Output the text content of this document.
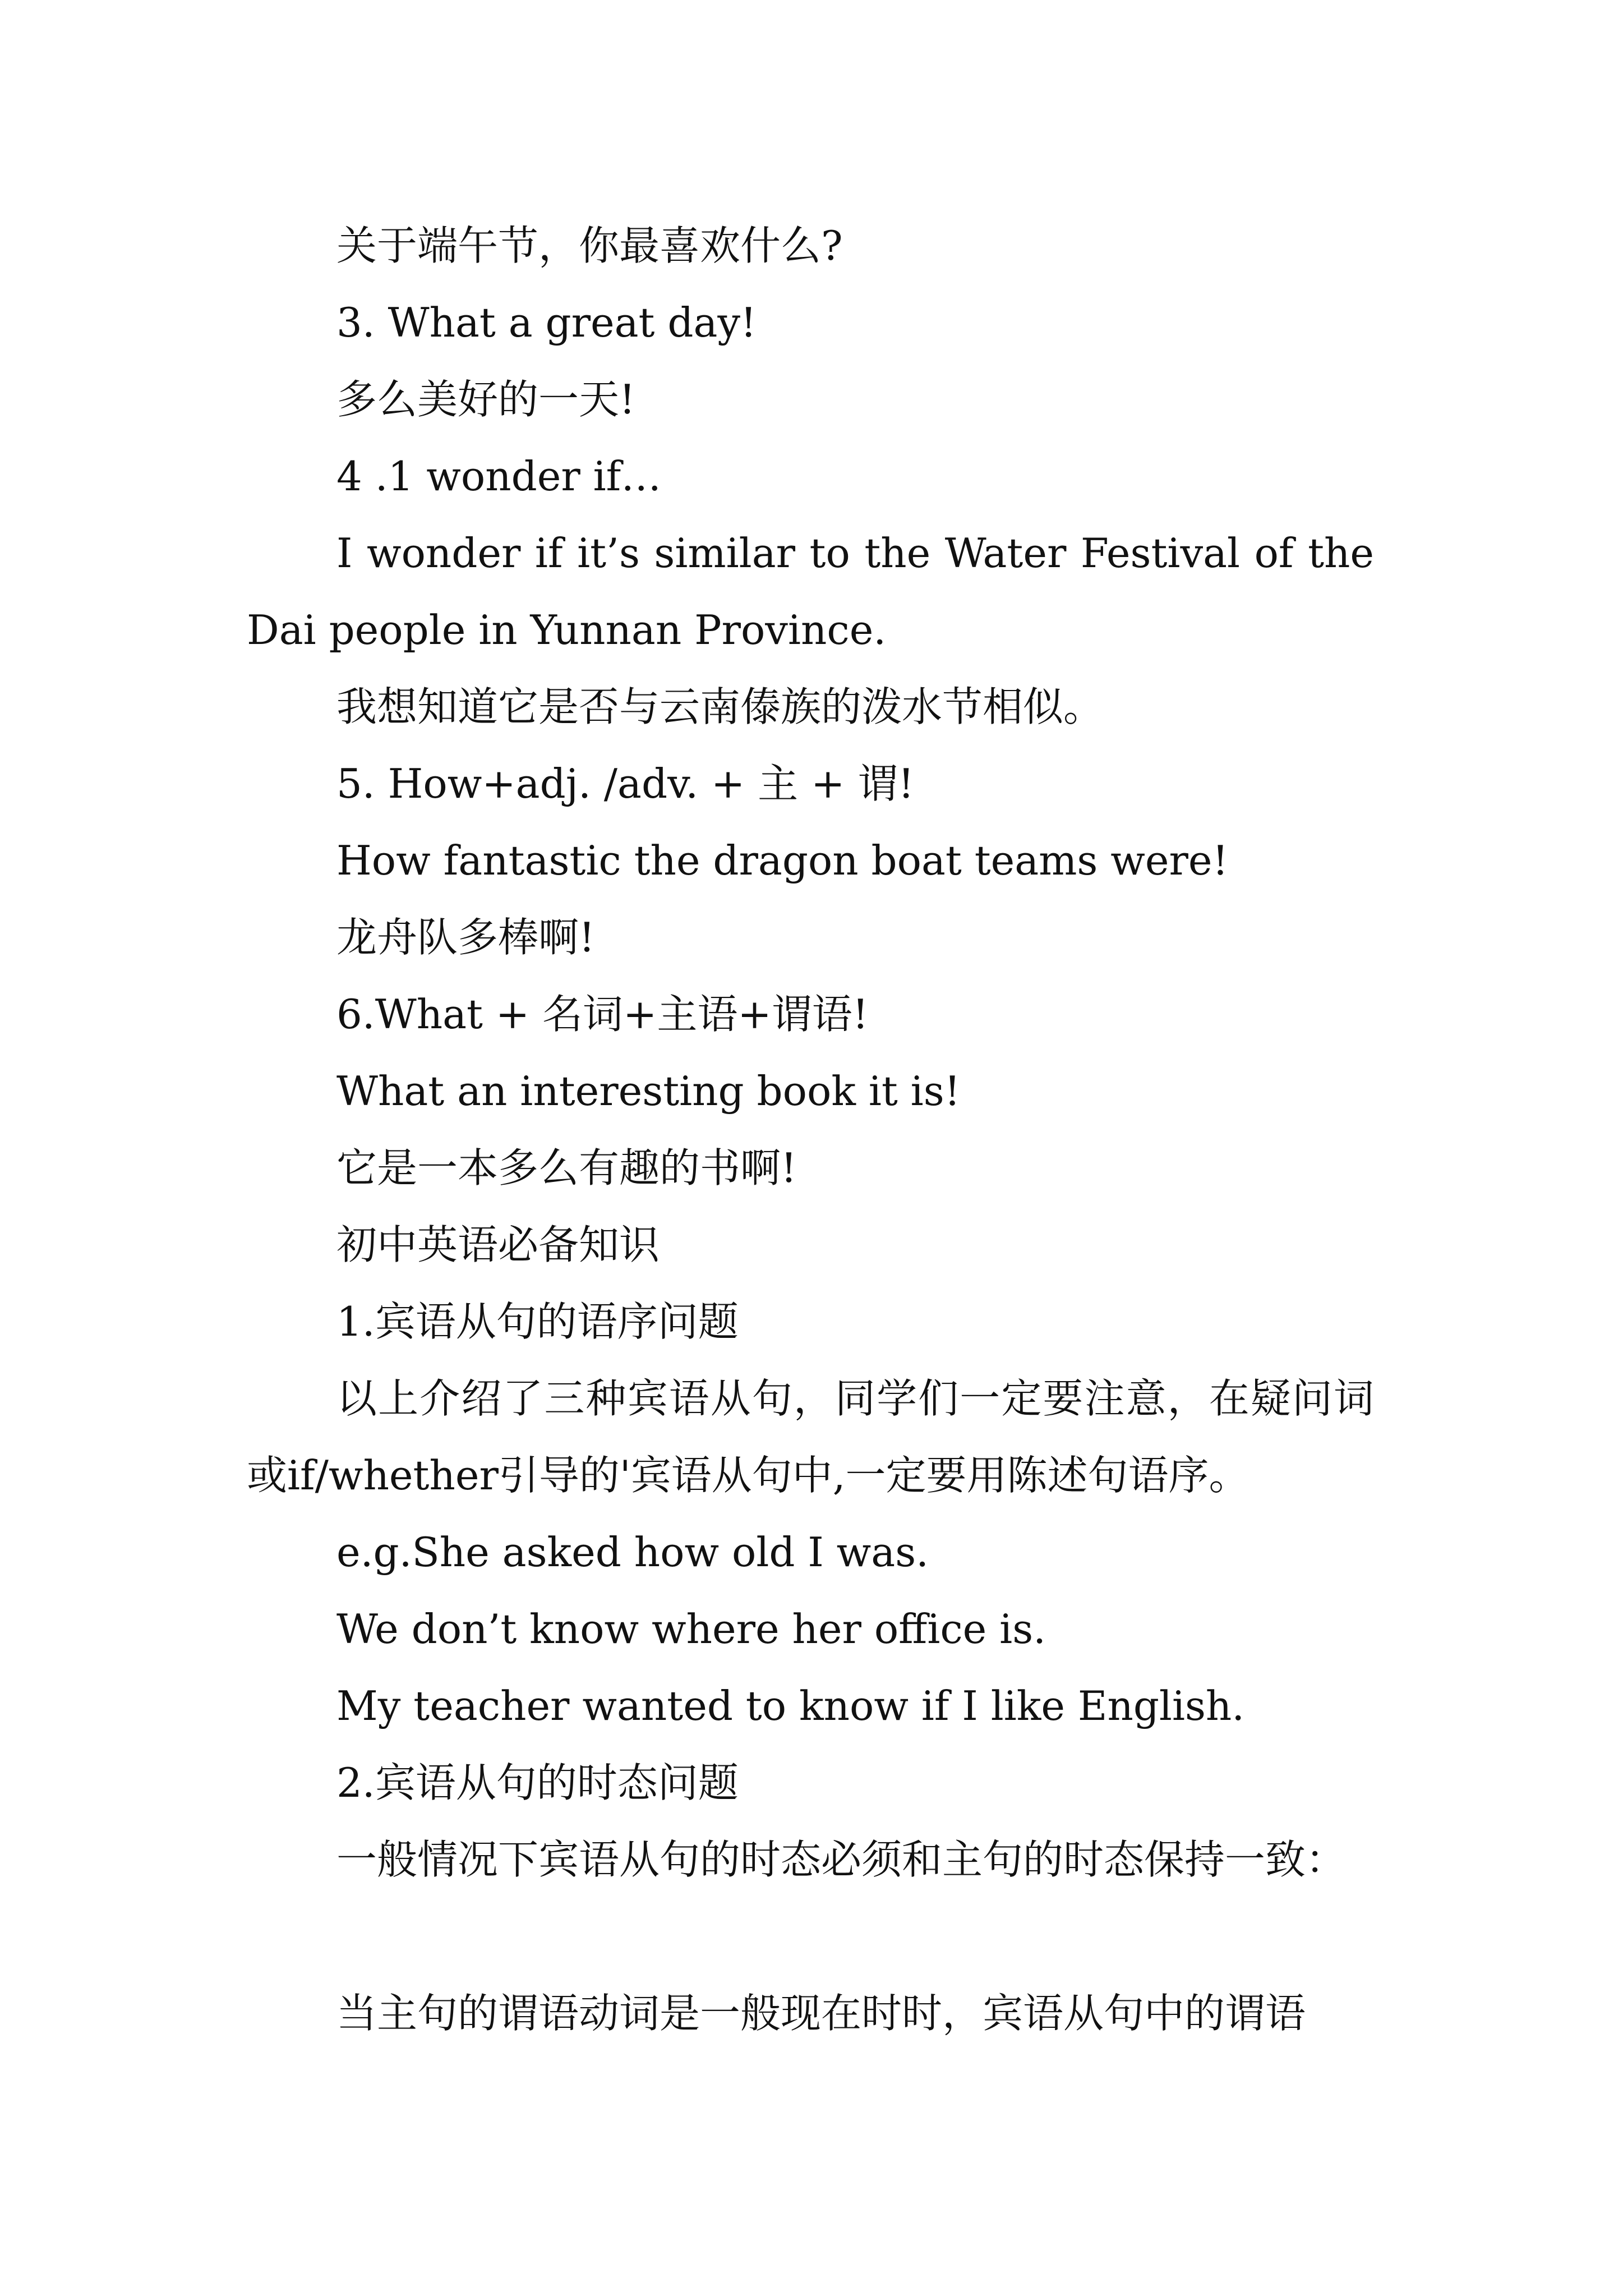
关于端午节，你最喜欢什么?
3. What a great day!
多么美好的一天!
4 .1 wonder if…
I wonder if it’s similar to the Water Festival of the Dai people in Yunnan Province.
我想知道它是否与云南傣族的泼水节相似。
5. How+adj. /adv. + 主 + 谓!
How fantastic the dragon boat teams were!
龙舟队多棒啊!
6.What + 名词+主语+谓语!
What an interesting book it is!
它是一本多么有趣的书啊!
初中英语必备知识
1.宾语从句的语序问题
以上介绍了三种宾语从句，同学们一定要注意，在疑问词或if/whether引导的'宾语从句中,一定要用陈述句语序。
e.g.She asked how old I was.
We don’t know where her office is.
My teacher wanted to know if I like English.
2.宾语从句的时态问题
一般情况下宾语从句的时态必须和主句的时态保持一致：
当主句的谓语动词是一般现在时时，宾语从句中的谓语
